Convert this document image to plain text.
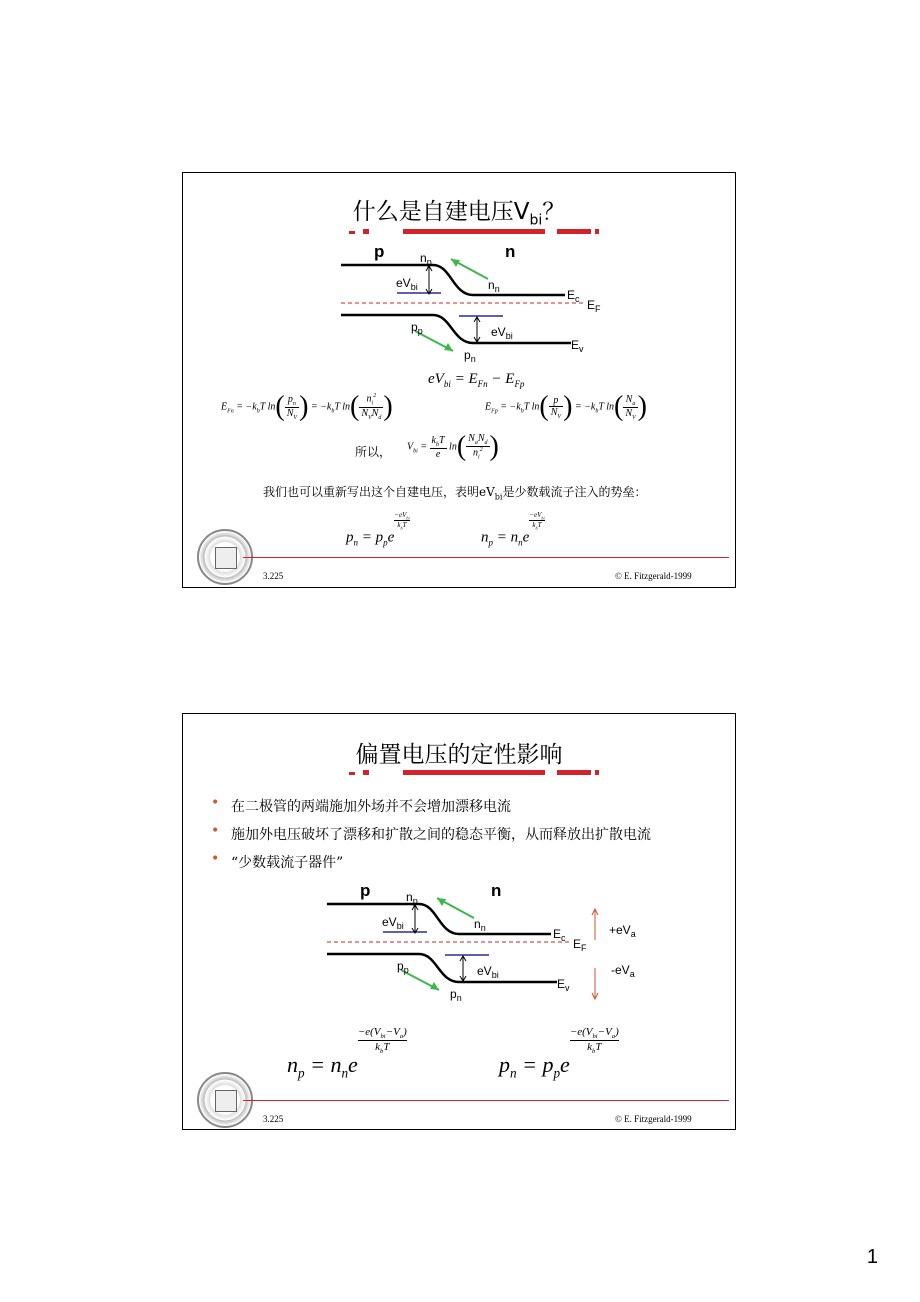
什么是自建电压$V_{bi}$？
p	n
$n_p$
$n_n$
$eV_{bi}$
$E_c$ $E_F$
$p_p$	$eV_{bi}$
$E_v$
$p_n$
$eV_{bi} = E_{Fn} - E_{Fp}$
$E_{Fn} = -k_bT$ $\ln( \frac{p_n}{N_V}$ ) = $-k_bT$ $\ln( \frac{n_i^2}{N_VN_d}$ )	$E_{Fp} = -k_bT$ $\ln( \frac{p}{N_V}$ ) = $-k_bT$ $\ln( \frac{N_a}{N_V}$ )
所以， $V_{bi} = \frac{k_bT}{e} \ln( \frac{N_aN_d}{n_i^2}$ )
我们也可以重新写出这个自建电压，表明$eV_{bi}$是少数载流子注入的势垒：
$p_n = p_pe$
$-eV_{bi}$
$k_bT$
$n_p = n_ne$
$-eV_{bi}$
$k_bT$
3.225	© E. Fitzgerald-1999
偏置电压的定性影响
• 在二极管的两端施加外场并不会增加漂移电流
• 施加外电压破坏了漂移和扩散之间的稳态平衡，从而释放出扩散电流
• “少数载流子器件”
p	n
$n_p$
$n_n$
$eV_{bi}$
$E_c$ $E_F$
$p_p$	$eV_{bi}$
$E_v$
$p_n$
$+eV_a$
$-eV_a$
$n_p = n_ne$
$-e(V_{bi}-V_a)$
$k_bT$
$p_n = p_pe$
$-e(V_{bi}-V_a)$
$k_bT$
3.225	© E. Fitzgerald-1999
1
